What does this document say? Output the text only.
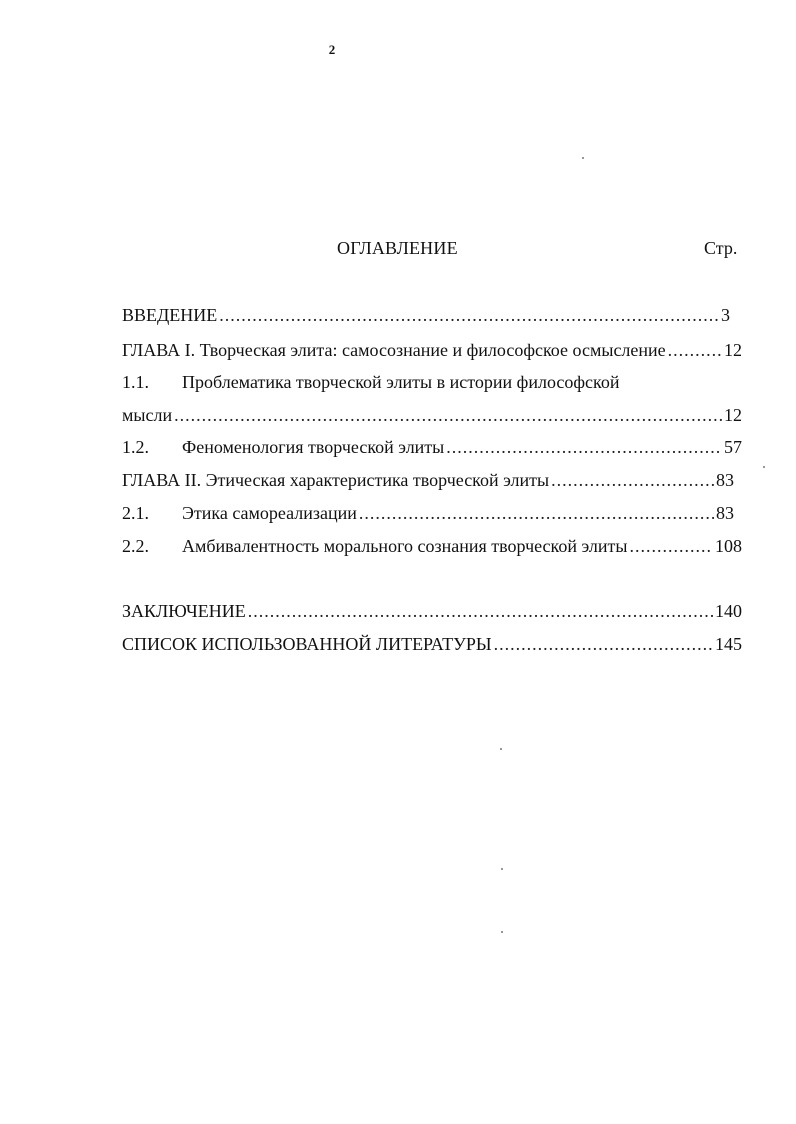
2
ОГЛАВЛЕНИЕ	Стр.
ВВЕДЕНИЕ .....	3
ГЛАВА I. Творческая элита: самосознание и философское осмысление .....	12
1.1.	Проблематика творческой элиты в истории философской
мысли .....	12
1.2.	Феноменология творческой элиты .....	57
ГЛАВА II. Этическая характеристика творческой элиты .....	83
2.1.	Этика самореализации .....	83
2.2.	Амбивалентность морального сознания творческой элиты .....	108
ЗАКЛЮЧЕНИЕ .....	140
СПИСОК ИСПОЛЬЗОВАННОЙ ЛИТЕРАТУРЫ .....	145
